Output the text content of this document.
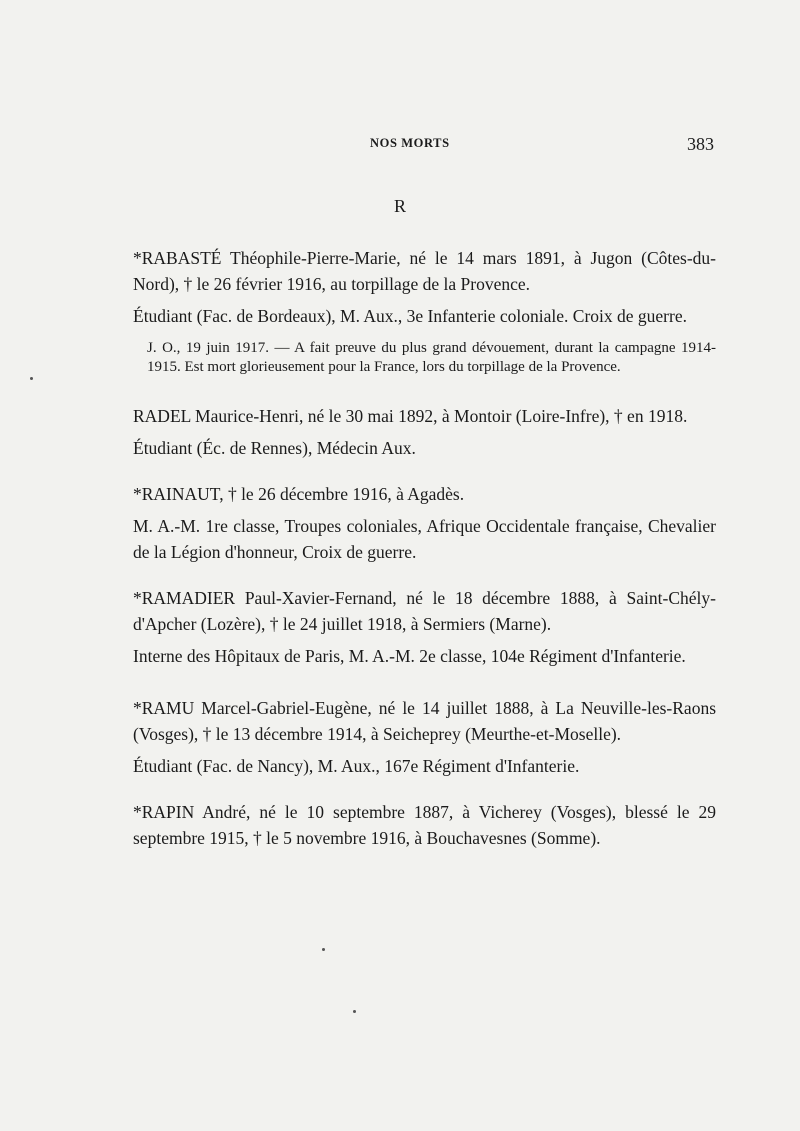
NOS MORTS	383
R

*RABASTÉ Théophile-Pierre-Marie, né le 14 mars 1891, à Jugon (Côtes-du-Nord), † le 26 février 1916, au torpillage de la Provence.

Étudiant (Fac. de Bordeaux), M. Aux., 3e Infanterie coloniale. Croix de guerre.

J. O., 19 juin 1917. — A fait preuve du plus grand dévouement, durant la campagne 1914-1915. Est mort glorieusement pour la France, lors du torpillage de la Provence.

RADEL Maurice-Henri, né le 30 mai 1892, à Montoir (Loire-Infre), † en 1918.

Étudiant (Éc. de Rennes), Médecin Aux.

*RAINAUT, † le 26 décembre 1916, à Agadès.

M. A.-M. 1re classe, Troupes coloniales, Afrique Occidentale française, Chevalier de la Légion d'honneur, Croix de guerre.

*RAMADIER Paul-Xavier-Fernand, né le 18 décembre 1888, à Saint-Chély-d'Apcher (Lozère), † le 24 juillet 1918, à Sermiers (Marne).

Interne des Hôpitaux de Paris, M. A.-M. 2e classe, 104e Régiment d'Infanterie.

*RAMU Marcel-Gabriel-Eugène, né le 14 juillet 1888, à La Neuville-les-Raons (Vosges), † le 13 décembre 1914, à Seicheprey (Meurthe-et-Moselle).

Étudiant (Fac. de Nancy), M. Aux., 167e Régiment d'Infanterie.

*RAPIN André, né le 10 septembre 1887, à Vicherey (Vosges), blessé le 29 septembre 1915, † le 5 novembre 1916, à Bouchavesnes (Somme).
